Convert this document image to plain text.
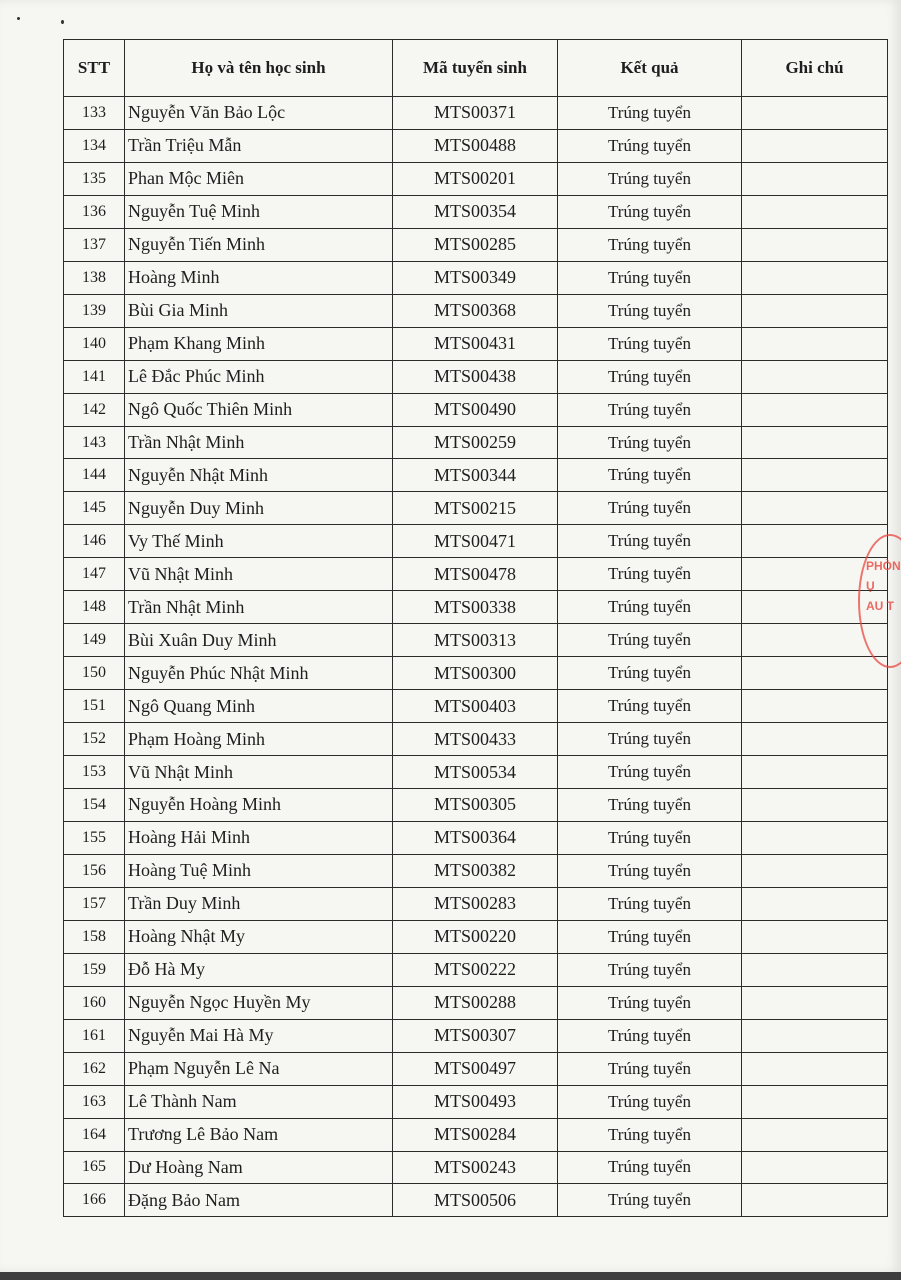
STT	Họ và tên học sinh	Mã tuyển sinh	Kết quả	Ghi chú
133	Nguyễn Văn Bảo Lộc	MTS00371	Trúng tuyển	
134	Trần Triệu Mẫn	MTS00488	Trúng tuyển	
135	Phan Mộc Miên	MTS00201	Trúng tuyển	
136	Nguyễn Tuệ Minh	MTS00354	Trúng tuyển	
137	Nguyễn Tiến Minh	MTS00285	Trúng tuyển	
138	Hoàng Minh	MTS00349	Trúng tuyển	
139	Bùi Gia Minh	MTS00368	Trúng tuyển	
140	Phạm Khang Minh	MTS00431	Trúng tuyển	
141	Lê Đắc Phúc Minh	MTS00438	Trúng tuyển	
142	Ngô Quốc Thiên Minh	MTS00490	Trúng tuyển	
143	Trần Nhật Minh	MTS00259	Trúng tuyển	
144	Nguyễn Nhật Minh	MTS00344	Trúng tuyển	
145	Nguyễn Duy Minh	MTS00215	Trúng tuyển	
146	Vy Thế Minh	MTS00471	Trúng tuyển	
147	Vũ Nhật Minh	MTS00478	Trúng tuyển	
148	Trần Nhật Minh	MTS00338	Trúng tuyển	
149	Bùi Xuân Duy Minh	MTS00313	Trúng tuyển	
150	Nguyễn Phúc Nhật Minh	MTS00300	Trúng tuyển	
151	Ngô Quang Minh	MTS00403	Trúng tuyển	
152	Phạm Hoàng Minh	MTS00433	Trúng tuyển	
153	Vũ Nhật Minh	MTS00534	Trúng tuyển	
154	Nguyễn Hoàng Minh	MTS00305	Trúng tuyển	
155	Hoàng Hải Minh	MTS00364	Trúng tuyển	
156	Hoàng Tuệ Minh	MTS00382	Trúng tuyển	
157	Trần Duy Minh	MTS00283	Trúng tuyển	
158	Hoàng Nhật My	MTS00220	Trúng tuyển	
159	Đỗ Hà My	MTS00222	Trúng tuyển	
160	Nguyễn Ngọc Huyền My	MTS00288	Trúng tuyển	
161	Nguyễn Mai Hà My	MTS00307	Trúng tuyển	
162	Phạm Nguyễn Lê Na	MTS00497	Trúng tuyển	
163	Lê Thành Nam	MTS00493	Trúng tuyển	
164	Trương Lê Bảo Nam	MTS00284	Trúng tuyển	
165	Dư Hoàng Nam	MTS00243	Trúng tuyển	
166	Đặng Bảo Nam	MTS00506	Trúng tuyển	
PHÒN
Ụ
AU T
